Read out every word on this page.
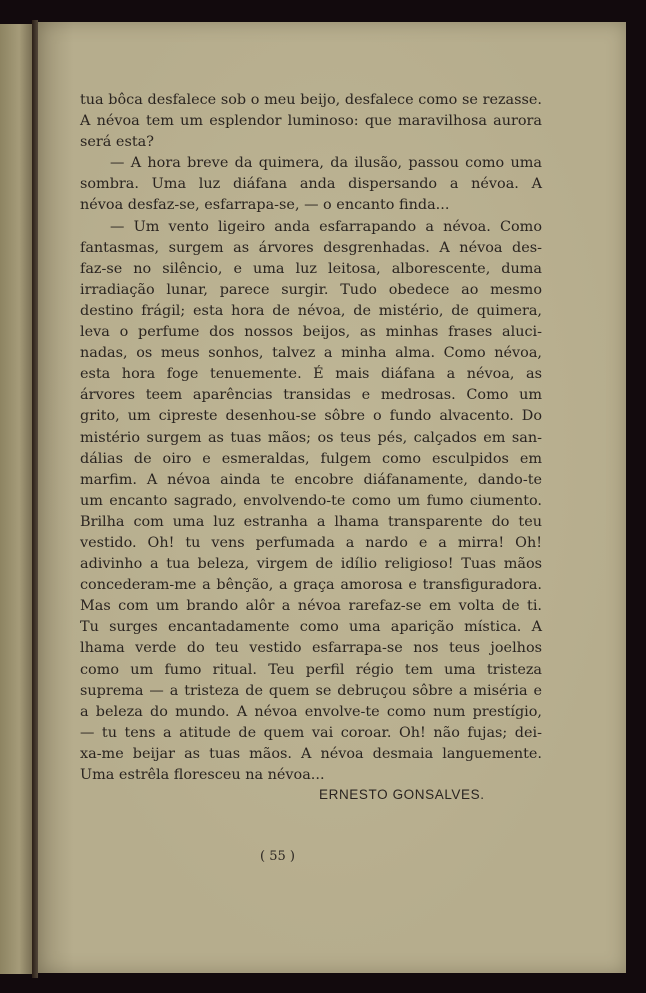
tua bôca desfalece sob o meu beijo, desfalece como se rezasse.
A névoa tem um esplendor luminoso: que maravilhosa aurora
será esta?
— A hora breve da quimera, da ilusão, passou como uma
sombra. Uma luz diáfana anda dispersando a névoa. A
névoa desfaz-se, esfarrapa-se, — o encanto finda...
— Um vento ligeiro anda esfarrapando a névoa. Como
fantasmas, surgem as árvores desgrenhadas. A névoa des-
faz-se no silêncio, e uma luz leitosa, alborescente, duma
irradiação lunar, parece surgir. Tudo obedece ao mesmo
destino frágil; esta hora de névoa, de mistério, de quimera,
leva o perfume dos nossos beijos, as minhas frases aluci-
nadas, os meus sonhos, talvez a minha alma. Como névoa,
esta hora foge tenuemente. É mais diáfana a névoa, as
árvores teem aparências transidas e medrosas. Como um
grito, um cipreste desenhou-se sôbre o fundo alvacento. Do
mistério surgem as tuas mãos; os teus pés, calçados em san-
dálias de oiro e esmeraldas, fulgem como esculpidos em
marfim. A névoa ainda te encobre diáfanamente, dando-te
um encanto sagrado, envolvendo-te como um fumo ciumento.
Brilha com uma luz estranha a lhama transparente do teu
vestido. Oh! tu vens perfumada a nardo e a mirra! Oh!
adivinho a tua beleza, virgem de idílio religioso! Tuas mãos
concederam-me a bênção, a graça amorosa e transfiguradora.
Mas com um brando alôr a névoa rarefaz-se em volta de ti.
Tu surges encantadamente como uma aparição mística. A
lhama verde do teu vestido esfarrapa-se nos teus joelhos
como um fumo ritual. Teu perfil régio tem uma tristeza
suprema — a tristeza de quem se debruçou sôbre a miséria e
a beleza do mundo. A névoa envolve-te como num prestígio,
— tu tens a atitude de quem vai coroar. Oh! não fujas; dei-
xa-me beijar as tuas mãos. A névoa desmaia languemente.
Uma estrêla floresceu na névoa...
ERNESTO GONSALVES.
( 55 )
